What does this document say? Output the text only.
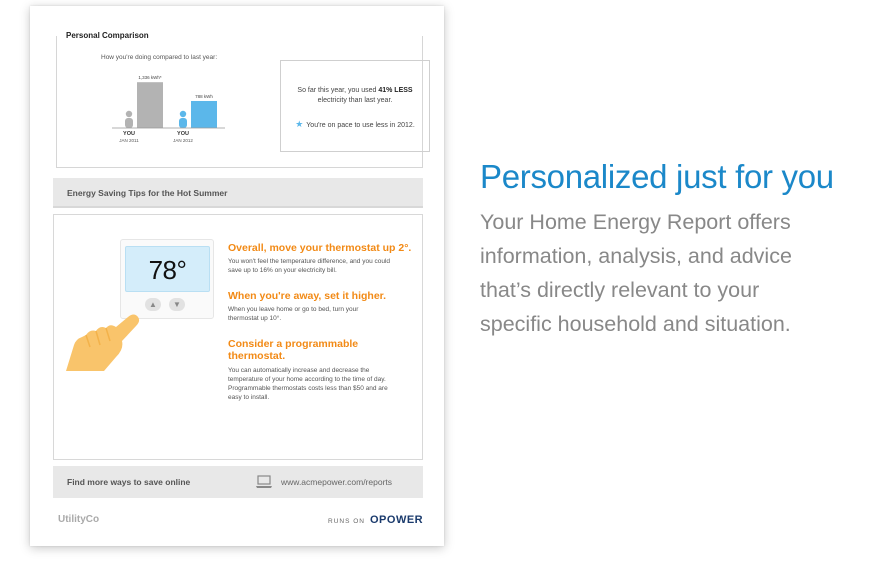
Personal Comparison
How you're doing compared to last year:
1,336 kWh*
YOU
JAN 2011
788 kWh
YOU
JAN 2012
So far this year, you used 41% LESS
electricity than last year.
★ You're on pace to use less in 2012.
Energy Saving Tips for the Hot Summer
78°
▲	▼
Overall, move your thermostat up 2°.
You won't feel the temperature difference, and you could
save up to 16% on your electricity bill.
When you're away, set it higher.
When you leave home or go to bed, turn your
thermostat up 10°.
Consider a programmable
thermostat.
You can automatically increase and decrease the
temperature of your home according to the time of day.
Programmable thermostats costs less than $50 and are
easy to install.
Find more ways to save online	www.acmepower.com/reports
UtilityCo	RUNS ON OPOWER
Personalized just for you
Your Home Energy Report offers
information, analysis, and advice
that’s directly relevant to your
specific household and situation.
